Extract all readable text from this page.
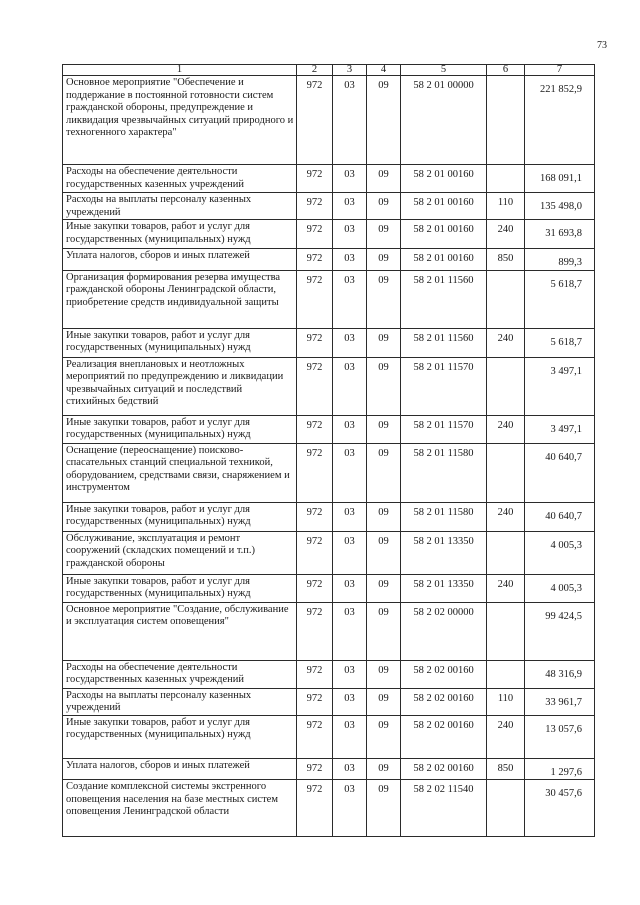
73
1	2	3	4	5	6	7
Основное мероприятие "Обеспечение и поддержание в постоянной готовности систем гражданской обороны, предупреждение и ликвидация чрезвычайных ситуаций природного и техногенного характера"	972	03	09	58 2 01 00000		221 852,9
Расходы на обеспечение деятельности государственных казенных учреждений	972	03	09	58 2 01 00160		168 091,1
Расходы на выплаты персоналу казенных учреждений	972	03	09	58 2 01 00160	110	135 498,0
Иные закупки товаров, работ и услуг для государственных (муниципальных) нужд	972	03	09	58 2 01 00160	240	31 693,8
Уплата налогов, сборов и иных платежей	972	03	09	58 2 01 00160	850	899,3
Организация формирования резерва имущества гражданской обороны Ленинградской области, приобретение средств индивидуальной защиты	972	03	09	58 2 01 11560		5 618,7
Иные закупки товаров, работ и услуг для государственных (муниципальных) нужд	972	03	09	58 2 01 11560	240	5 618,7
Реализация внеплановых и неотложных мероприятий по предупреждению и ликвидации чрезвычайных ситуаций и последствий стихийных бедствий	972	03	09	58 2 01 11570		3 497,1
Иные закупки товаров, работ и услуг для государственных (муниципальных) нужд	972	03	09	58 2 01 11570	240	3 497,1
Оснащение (переоснащение) поисково-спасательных станций специальной техникой, оборудованием, средствами связи, снаряжением и инструментом	972	03	09	58 2 01 11580		40 640,7
Иные закупки товаров, работ и услуг для государственных (муниципальных) нужд	972	03	09	58 2 01 11580	240	40 640,7
Обслуживание, эксплуатация и ремонт сооружений (складских помещений и т.п.) гражданской обороны	972	03	09	58 2 01 13350		4 005,3
Иные закупки товаров, работ и услуг для государственных (муниципальных) нужд	972	03	09	58 2 01 13350	240	4 005,3
Основное мероприятие "Создание, обслуживание и эксплуатация систем оповещения"	972	03	09	58 2 02 00000		99 424,5
Расходы на обеспечение деятельности государственных казенных учреждений	972	03	09	58 2 02 00160		48 316,9
Расходы на выплаты персоналу казенных учреждений	972	03	09	58 2 02 00160	110	33 961,7
Иные закупки товаров, работ и услуг для государственных (муниципальных) нужд	972	03	09	58 2 02 00160	240	13 057,6
Уплата налогов, сборов и иных платежей	972	03	09	58 2 02 00160	850	1 297,6
Создание комплексной системы экстренного оповещения населения на базе местных систем оповещения Ленинградской области	972	03	09	58 2 02 11540		30 457,6
